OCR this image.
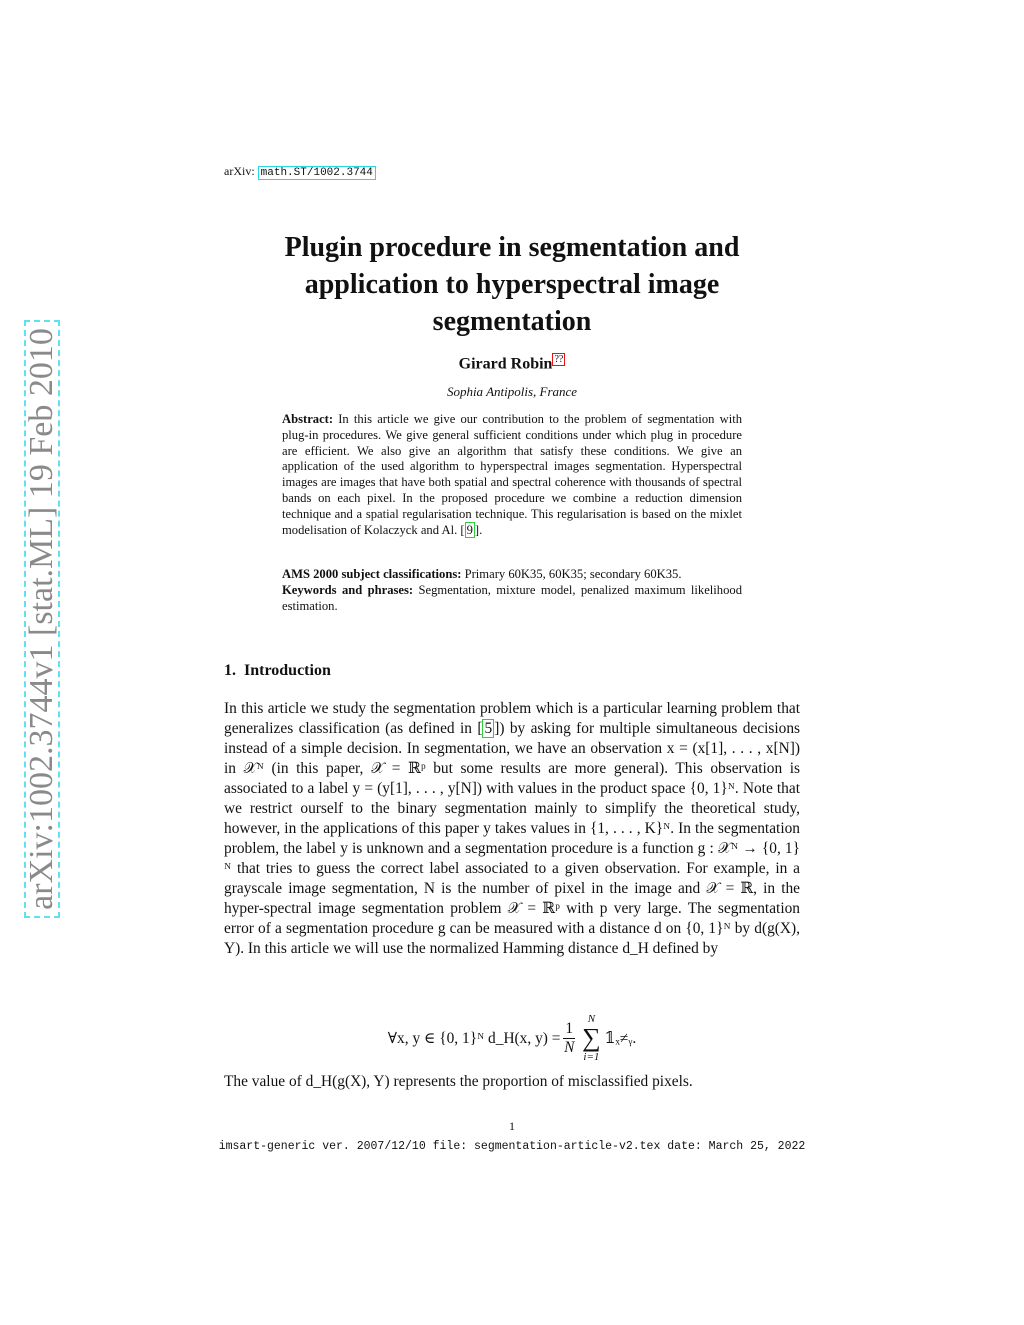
arXiv: math.ST/1002.3744
arXiv:1002.3744v1 [stat.ML] 19 Feb 2010
Plugin procedure in segmentation and application to hyperspectral image segmentation
Girard Robin ??
Sophia Antipolis, France
Abstract: In this article we give our contribution to the problem of segmentation with plug-in procedures. We give general sufficient conditions under which plug in procedure are efficient. We also give an algorithm that satisfy these conditions. We give an application of the used algorithm to hyperspectral images segmentation. Hyperspectral images are images that have both spatial and spectral coherence with thousands of spectral bands on each pixel. In the proposed procedure we combine a reduction dimension technique and a spatial regularisation technique. This regularisation is based on the mixlet modelisation of Kolaczyck and Al. [ 9 ].
AMS 2000 subject classifications: Primary 60K35, 60K35; secondary 60K35.
Keywords and phrases: Segmentation, mixture model, penalized maximum likelihood estimation.
1. Introduction
In this article we study the segmentation problem which is a particular learning problem that generalizes classification (as defined in [ 5 ]) by asking for multiple simultaneous decisions instead of a simple decision. In segmentation, we have an observation x = (x[1], . . . , x[N]) in 𝒳ᴺ (in this paper, 𝒳 = ℝᵖ but some results are more general). This observation is associated to a label y = (y[1], . . . , y[N]) with values in the product space {0, 1}ᴺ. Note that we restrict ourself to the binary segmentation mainly to simplify the theoretical study, however, in the applications of this paper y takes values in {1, . . . , K}ᴺ. In the segmentation problem, the label y is unknown and a segmentation procedure is a function g : 𝒳ᴺ → {0, 1}ᴺ that tries to guess the correct label associated to a given observation. For example, in a grayscale image segmentation, N is the number of pixel in the image and 𝒳 = ℝ, in the hyper-spectral image segmentation problem 𝒳 = ℝᵖ with p very large. The segmentation error of a segmentation procedure g can be measured with a distance d on {0, 1}ᴺ by d(g(X), Y). In this article we will use the normalized Hamming distance d_H defined by
∀x, y ∈ {0, 1}ᴺ d_H(x, $y) = \frac{1}{N}$
N
∑
i=1
𝟙ₓ≠ᵧ.
The value of d_H(g(X), Y) represents the proportion of misclassified pixels.
1
imsart-generic ver. 2007/12/10 file: segmentation-article-v2.tex date: March 25, 2022
